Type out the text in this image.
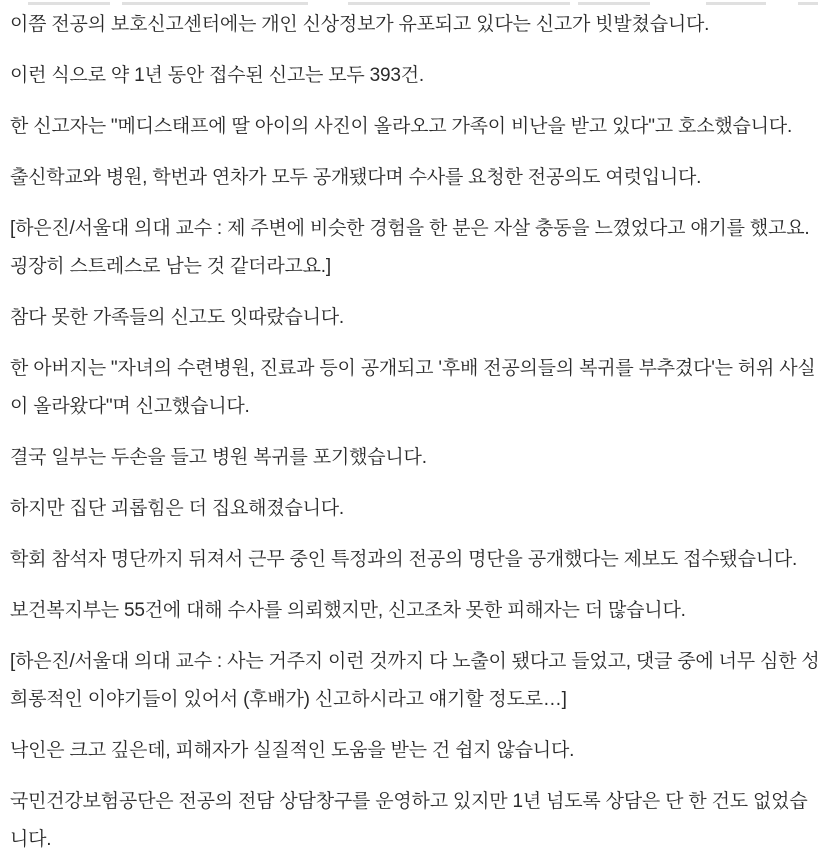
이쯤 전공의 보호신고센터에는 개인 신상정보가 유포되고 있다는 신고가 빗발쳤습니다.

이런 식으로 약 1년 동안 접수된 신고는 모두 393건.

한 신고자는 "메디스태프에 딸 아이의 사진이 올라오고 가족이 비난을 받고 있다"고 호소했습니다.

출신학교와 병원, 학번과 연차가 모두 공개됐다며 수사를 요청한 전공의도 여럿입니다.

[하은진/서울대 의대 교수 : 제 주변에 비슷한 경험을 한 분은 자살 충동을 느꼈었다고 얘기를 했고요. 굉장히 스트레스로 남는 것 같더라고요.]

참다 못한 가족들의 신고도 잇따랐습니다.

한 아버지는 "자녀의 수련병원, 진료과 등이 공개되고 '후배 전공의들의 복귀를 부추겼다'는 허위 사실이 올라왔다"며 신고했습니다.

결국 일부는 두손을 들고 병원 복귀를 포기했습니다.

하지만 집단 괴롭힘은 더 집요해졌습니다.

학회 참석자 명단까지 뒤져서 근무 중인 특정과의 전공의 명단을 공개했다는 제보도 접수됐습니다.

보건복지부는 55건에 대해 수사를 의뢰했지만, 신고조차 못한 피해자는 더 많습니다.

[하은진/서울대 의대 교수 : 사는 거주지 이런 것까지 다 노출이 됐다고 들었고, 댓글 중에 너무 심한 성희롱적인 이야기들이 있어서 (후배가) 신고하시라고 얘기할 정도로…]

낙인은 크고 깊은데, 피해자가 실질적인 도움을 받는 건 쉽지 않습니다.

국민건강보험공단은 전공의 전담 상담창구를 운영하고 있지만 1년 넘도록 상담은 단 한 건도 없었습니다.
